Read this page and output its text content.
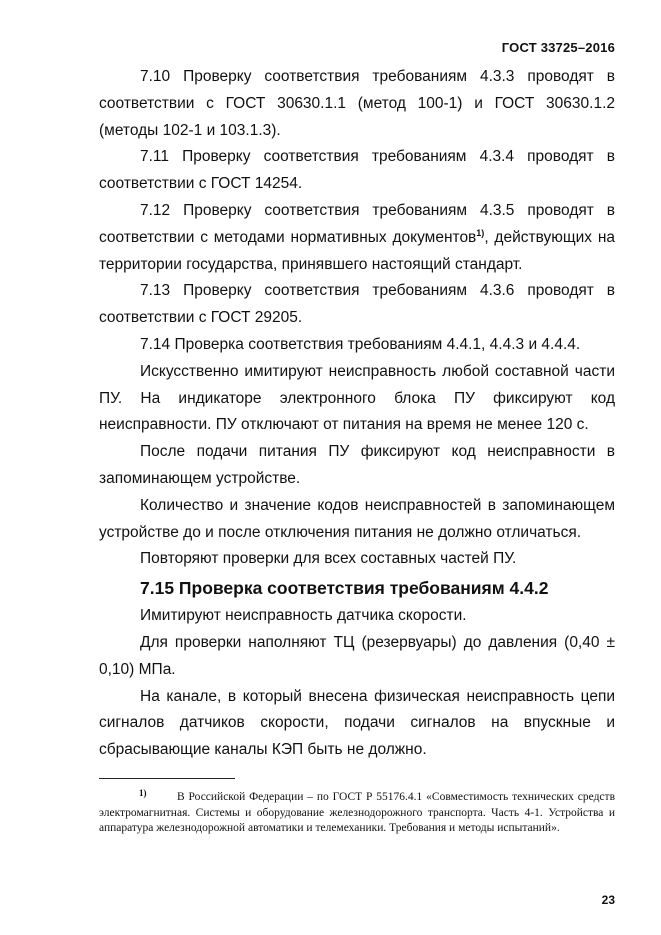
ГОСТ 33725–2016

7.10 Проверку соответствия требованиям 4.3.3 проводят в соответствии с ГОСТ 30630.1.1 (метод 100-1) и ГОСТ 30630.1.2 (методы 102-1 и 103.1.3).

7.11 Проверку соответствия требованиям 4.3.4 проводят в соответствии с ГОСТ 14254.

7.12 Проверку соответствия требованиям 4.3.5 проводят в соответствии с методами нормативных документов$^{1)}$, действующих на территории государства, принявшего настоящий стандарт.

7.13 Проверку соответствия требованиям 4.3.6 проводят в соответствии с ГОСТ 29205.

7.14 Проверка соответствия требованиям 4.4.1, 4.4.3 и 4.4.4.

Искусственно имитируют неисправность любой составной части ПУ. На индикаторе электронного блока ПУ фиксируют код неисправности. ПУ отключают от питания на время не менее 120 с.

После подачи питания ПУ фиксируют код неисправности в запоминающем устройстве.

Количество и значение кодов неисправностей в запоминающем устройстве до и после отключения питания не должно отличаться.

Повторяют проверки для всех составных частей ПУ.

7.15 Проверка соответствия требованиям 4.4.2

Имитируют неисправность датчика скорости.

Для проверки наполняют ТЦ (резервуары) до давления (0,40 ± 0,10) МПа.

На канале, в который внесена физическая неисправность цепи сигналов датчиков скорости, подачи сигналов на впускные и сбрасывающие каналы КЭП быть не должно.

1)	В Российской Федерации – по ГОСТ Р 55176.4.1 «Совместимость технических средств электромагнитная. Системы и оборудование железнодорожного транспорта. Часть 4-1. Устройства и аппаратура железнодорожной автоматики и телемеханики. Требования и методы испытаний».
23
